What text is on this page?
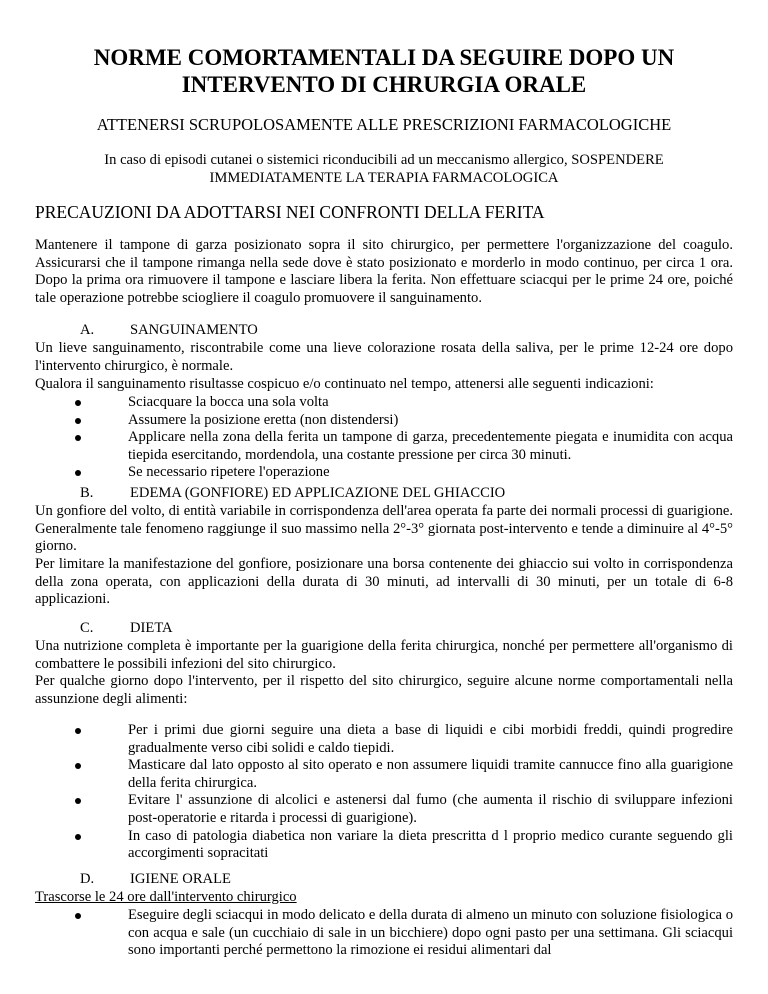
NORME COMORTAMENTALI DA SEGUIRE DOPO UN INTERVENTO DI CHRURGIA ORALE
ATTENERSI SCRUPOLOSAMENTE ALLE PRESCRIZIONI FARMACOLOGICHE
In caso di episodi cutanei o sistemici riconducibili ad un meccanismo allergico, SOSPENDERE IMMEDIATAMENTE LA TERAPIA FARMACOLOGICA
PRECAUZIONI DA ADOTTARSI NEI CONFRONTI DELLA FERITA
Mantenere il tampone di garza posizionato sopra il sito chirurgico, per permettere l'organizzazione del coagulo. Assicurarsi che il tampone rimanga nella sede dove è stato posizionato e morderlo in modo continuo, per circa 1 ora. Dopo la prima ora rimuovere il tampone e lasciare libera la ferita. Non effettuare sciacqui per le prime 24 ore, poiché tale operazione potrebbe sciogliere il coagulo promuovere il sanguinamento.
A. SANGUINAMENTO
Un lieve sanguinamento, riscontrabile come una lieve colorazione rosata della saliva, per le prime 12-24 ore dopo l'intervento chirurgico, è normale.
Qualora il sanguinamento risultasse cospicuo e/o continuato nel tempo, attenersi alle seguenti indicazioni:
Sciacquare la bocca una sola volta
Assumere la posizione eretta (non distendersi)
Applicare nella zona della ferita un tampone di garza, precedentemente piegata e inumidita con acqua tiepida esercitando, mordendola, una costante pressione per circa 30 minuti.
Se necessario ripetere l'operazione
B.	EDEMA (GONFIORE) ED APPLICAZIONE DEL GHIACCIO
Un gonfiore del volto, di entità variabile in corrispondenza dell'area operata fa parte dei normali processi di guarigione. Generalmente tale fenomeno raggiunge il suo massimo nella 2°-3° giornata post-intervento e tende a diminuire al 4°-5° giorno.
Per limitare la manifestazione del gonfiore, posizionare una borsa contenente dei ghiaccio sui volto in corrispondenza della zona operata, con applicazioni della durata di 30 minuti, ad intervalli di 30 minuti, per un totale di 6-8 applicazioni.
C.	DIETA
Una nutrizione completa è importante per la guarigione della ferita chirurgica, nonché per permettere all'organismo di combattere le possibili infezioni del sito chirurgico.
Per qualche giorno dopo l'intervento, per il rispetto del sito chirurgico, seguire alcune norme comportamentali nella assunzione degli alimenti:
Per i primi due giorni seguire una dieta a base di liquidi e cibi morbidi freddi, quindi progredire gradualmente verso cibi solidi e caldo tiepidi.
Masticare dal lato opposto al sito operato e non assumere liquidi tramite cannucce fino alla guarigione della ferita chirurgica.
Evitare l' assunzione di alcolici e astenersi dal fumo (che aumenta il rischio di sviluppare infezioni post-operatorie e ritarda i processi di guarigione).
In caso di patologia diabetica non variare la dieta prescritta d l proprio medico curante seguendo gli accorgimenti sopracitati
D. IGIENE ORALE
Trascorse le 24 ore dall'intervento chirurgico
Eseguire degli sciacqui in modo delicato e della durata di almeno un minuto con soluzione fisiologica o con acqua e sale (un cucchiaio di sale in un bicchiere) dopo ogni pasto per una settimana. Gli sciacqui sono importanti perché permettono la rimozione ei residui alimentari dal
